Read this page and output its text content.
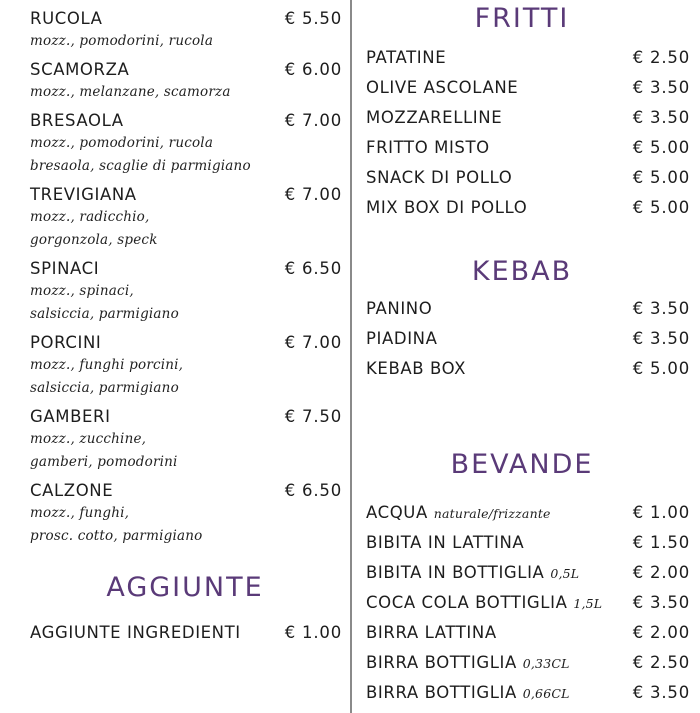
RUCOLA	€ 5.50
mozz., pomodorini, rucola
SCAMORZA	€ 6.00
mozz., melanzane, scamorza
BRESAOLA	€ 7.00
mozz., pomodorini, rucola
bresaola, scaglie di parmigiano
TREVIGIANA	€ 7.00
mozz., radicchio,
gorgonzola, speck
SPINACI	€ 6.50
mozz., spinaci,
salsiccia, parmigiano
PORCINI	€ 7.00
mozz., funghi porcini,
salsiccia, parmigiano
GAMBERI	€ 7.50
mozz., zucchine,
gamberi, pomodorini
CALZONE	€ 6.50
mozz., funghi,
prosc. cotto, parmigiano
AGGIUNTE
AGGIUNTE INGREDIENTI	€ 1.00
FRITTI
PATATINE	€ 2.50
OLIVE ASCOLANE	€ 3.50
MOZZARELLINE	€ 3.50
FRITTO MISTO	€ 5.00
SNACK DI POLLO	€ 5.00
MIX BOX DI POLLO	€ 5.00
KEBAB
PANINO	€ 3.50
PIADINA	€ 3.50
KEBAB BOX	€ 5.00
BEVANDE
ACQUA naturale/frizzante	€ 1.00
BIBITA IN LATTINA	€ 1.50
BIBITA IN BOTTIGLIA 0,5L	€ 2.00
COCA COLA BOTTIGLIA 1,5L € 3.50
BIRRA LATTINA	€ 2.00
BIRRA BOTTIGLIA 0,33CL	€ 2.50
BIRRA BOTTIGLIA 0,66CL	€ 3.50
